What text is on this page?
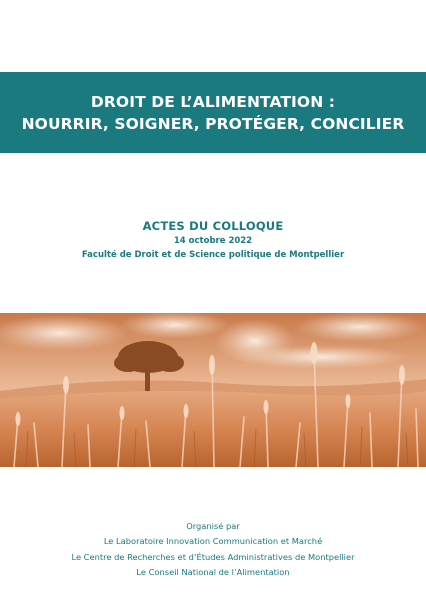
DROIT DE L’ALIMENTATION :
NOURRIR, SOIGNER, PROTÉGER, CONCILIER
ACTES DU COLLOQUE
14 octobre 2022
Faculté de Droit et de Science politique de Montpellier
Organisé par
Le Laboratoire Innovation Communication et Marché
Le Centre de Recherches et d’Études Administratives de Montpellier
Le Conseil National de l’Alimentation
